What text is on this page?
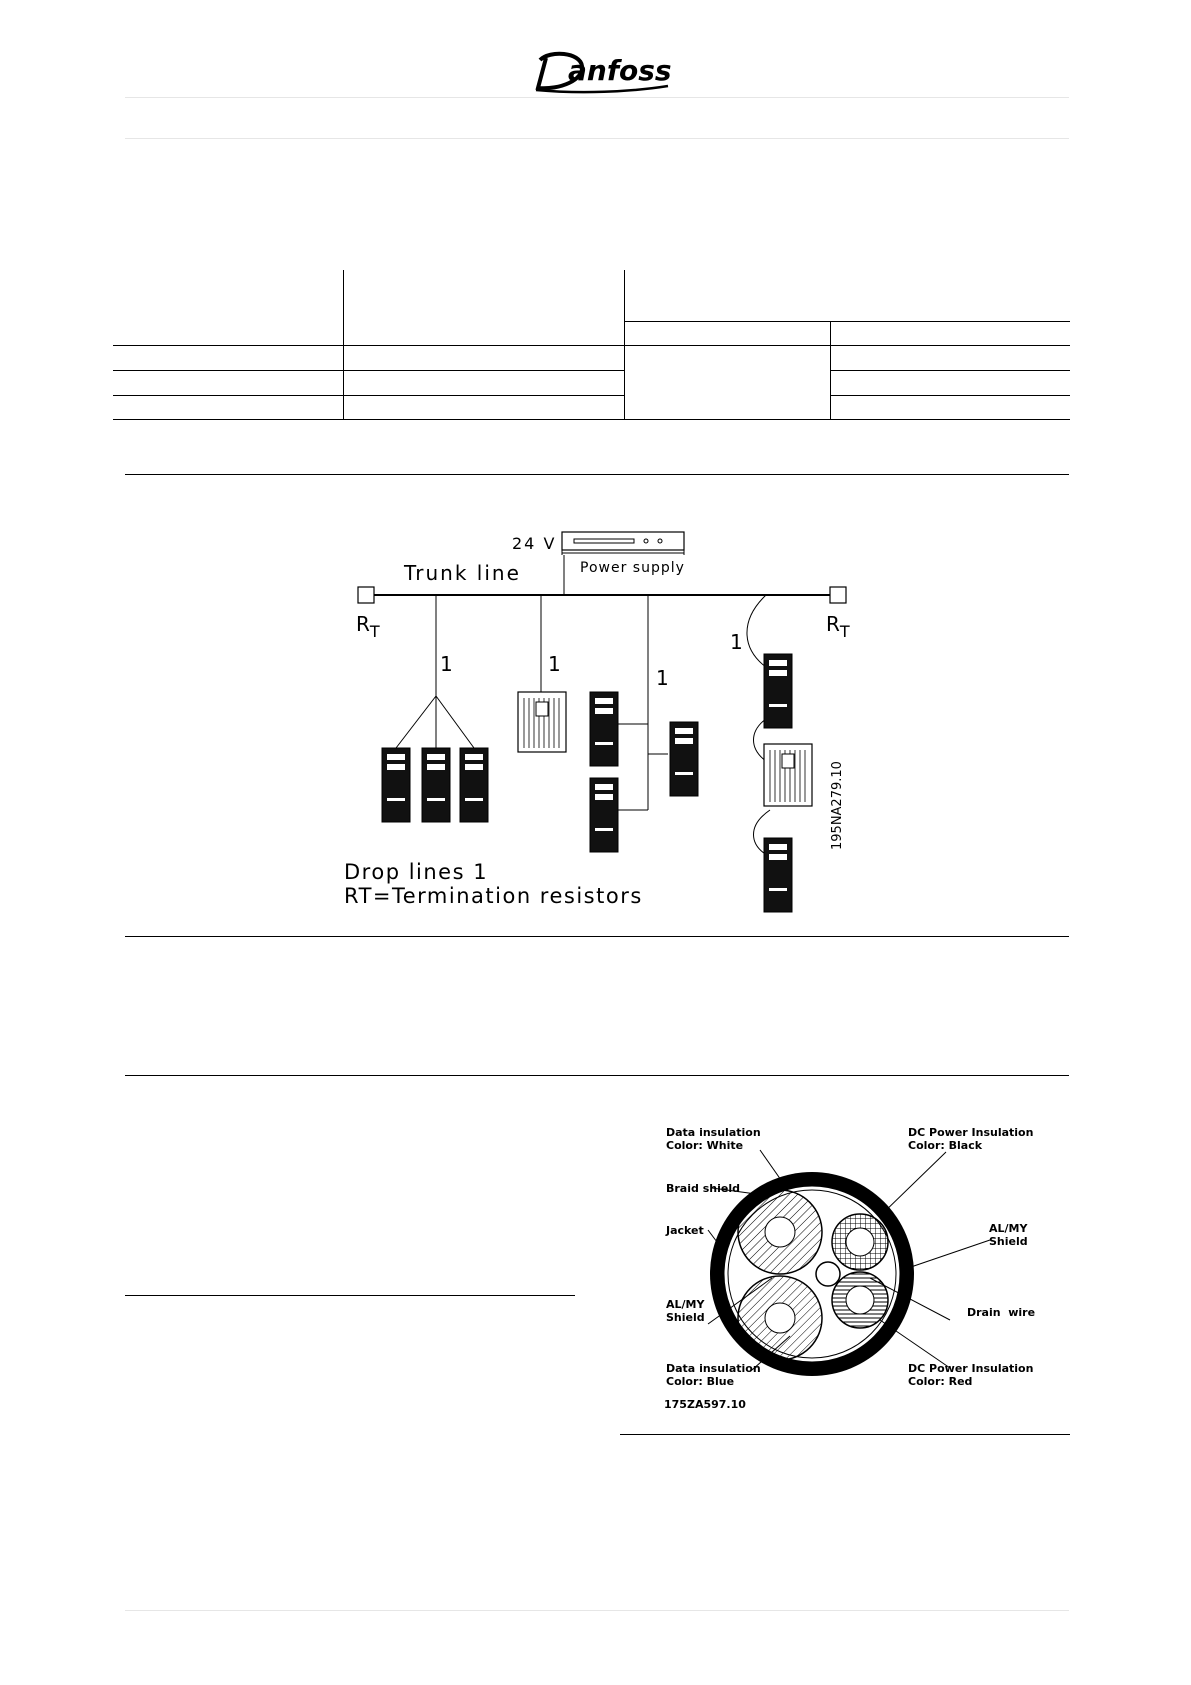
anfoss
24 V
Power supply
Trunk line
$R_T$	$R_T$
1	1
1
1
Drop lines 1
RT=Termination resistors
195NA279.10
Data insulation
Color: White
DC Power Insulation
Color: Black
Braid shield
Jacket	AL/MY
Shield
AL/MY
Shield	Drain  wire
Data insulation
Color: Blue
DC Power Insulation
Color: Red
175ZA597.10
